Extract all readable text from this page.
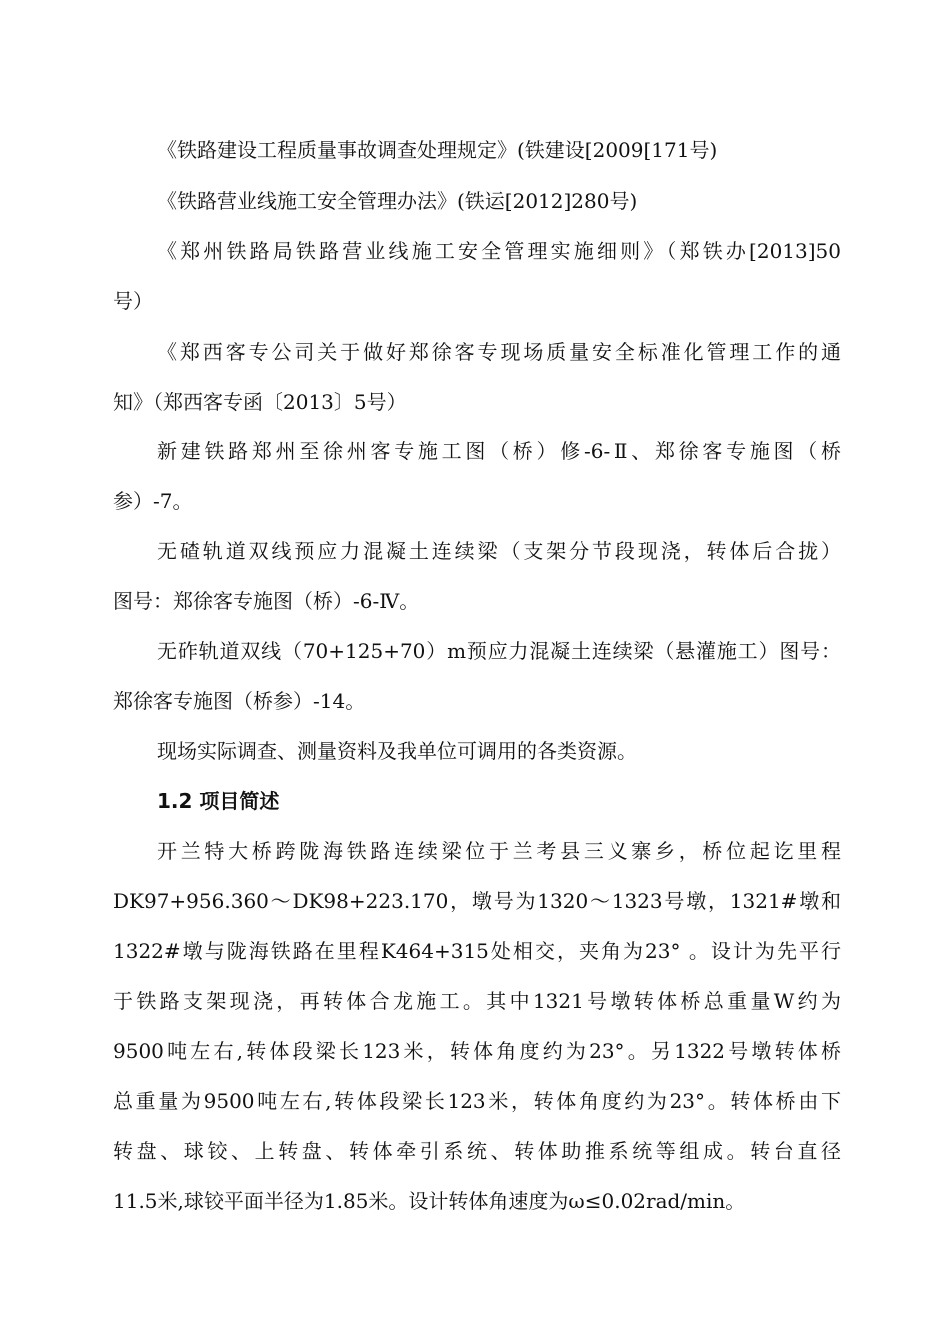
《铁路建设工程质量事故调查处理规定》(铁建设[2009[171号)
《铁路营业线施工安全管理办法》(铁运[2012]280号)
《郑州铁路局铁路营业线施工安全管理实施细则》（郑铁办[2013]50
号）
《郑西客专公司关于做好郑徐客专现场质量安全标准化管理工作的通
知》（郑西客专函〔2013〕5号）
新建铁路郑州至徐州客专施工图（桥）修-6-Ⅱ、郑徐客专施图（桥
参）-7。
无碴轨道双线预应力混凝土连续梁（支架分节段现浇，转体后合拢）
图号：郑徐客专施图（桥）-6-Ⅳ。
无砟轨道双线（70+125+70）m预应力混凝土连续梁（悬灌施工）图号：
郑徐客专施图（桥参）-14。
现场实际调查、测量资料及我单位可调用的各类资源。
1.2 项目简述
开兰特大桥跨陇海铁路连续梁位于兰考县三义寨乡，桥位起讫里程
DK97+956.360～DK98+223.170，墩号为1320～1323号墩，1321#墩和
1322#墩与陇海铁路在里程K464+315处相交，夹角为23° 。设计为先平行
于铁路支架现浇，再转体合龙施工。其中1321号墩转体桥总重量W约为
9500吨左右,转体段梁长123米，转体角度约为23°。另1322号墩转体桥
总重量为9500吨左右,转体段梁长123米，转体角度约为23°。转体桥由下
转盘、球铰、上转盘、转体牵引系统、转体助推系统等组成。转台直径
11.5米,球铰平面半径为1.85米。设计转体角速度为ω≤0.02rad/min。
